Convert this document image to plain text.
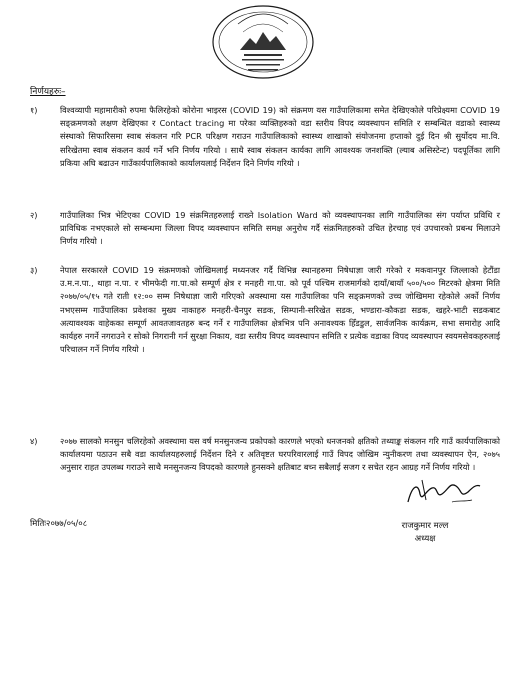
निर्णयहरुः–

१)	विश्वव्यापी महामारीको रुपमा फैलिरहेको कोरोना भाइरस (COVID 19) को संक्रमण यस गाउँपालिकामा समेत देखिएकोले परिप्रेक्ष्यमा COVID 19 सङ्क्रमणको लक्षण देखिएका र Contact tracing मा परेका व्यक्तिहरुको वडा स्तरीय विपद व्यवस्थापन समिति र सम्बन्धित वडाको स्वास्थ्य संस्थाको सिफारिसमा स्वाब संकलन गरि PCR परिक्षण गराउन गाउँपालिकाको स्वास्थ्य शाखाको संयोजनमा हप्ताको दुई दिन श्री सुर्योदय मा.वि. सरिखेतमा स्वाब संकलन कार्य गर्ने भनि निर्णय गरियो । साथै स्वाब संकलन कार्यका लागि आवश्यक जनशक्ति (ल्याब असिस्टेन्ट) पदपूर्तिका लागि प्रकिया अघि बढाउन गाउँकार्यपालिकाको कार्यालयलाई निर्देशन दिने निर्णय गरियो ।
२)	गाउँपालिका भित्र भेटिएका COVID 19 संक्रमितहरुलाई राख्ने Isolation Ward को व्यवस्थापनका लागि गाउँपालिका संग पर्याप्त प्रविधि र प्राविधिक नभएकाले सो सम्बन्धमा जिल्ला विपद व्यवस्थापन समिति समक्ष अनुरोध गर्दै संक्रमितहरुको उचित हेरचाह एवं उपचारको प्रबन्ध मिलाउने निर्णय गरियो ।
३)	नेपाल सरकारले COVID 19 संक्रमणको जोखिमलाई मध्यनजर गर्दै विभिन्न स्थानहरुमा निषेधाज्ञा जारी गरेको र मकवानपुर जिल्लाको हेटौंडा उ.म.न.पा., थाहा न.पा. र भीमफेदी गा.पा.को सम्पूर्ण क्षेत्र र मनहरी गा.पा. को पूर्व पश्चिम राजमार्गको दायाँ/बायाँ ५००/५०० मिटरको क्षेत्रमा मिति २०७७/०५/१५ गते राती १२:०० सम्म निषेधाज्ञा जारी गरिएको अवस्थामा यस गाउँपालिका पनि सङ्क्रमणको उच्च जोखिममा रहेकोले अर्को निर्णय नभएसम्म गाउँपालिका प्रवेशका मुख्य नाकाहरु मनहरी-चैनपुर सडक, सिम्पानी-सरिखेत सडक, भण्डारा-कौकडा सडक, खहरे-भाटी सडकबाट अत्यावश्यक वाहेकका सम्पूर्ण आवतजावतहरु बन्द गर्ने र गाउँपालिका क्षेत्रभित्र पनि अनावश्यक हिँडडुल, सार्वजनिक कार्यक्रम, सभा समारोह आदि कार्यहरु नगर्ने नगराउने र सोको निगरानी गर्न सुरक्षा निकाय, वडा स्तरीय विपद व्यवस्थापन समिति र प्रत्येक वडाका विपद व्यवस्थापन स्वयमसेवकहरुलाई परिचालन गर्ने निर्णय गरियो ।
४)	२०७७ सालको मनसुन चलिरहेको अवस्थामा यस वर्ष मनसुनजन्य प्रकोपको कारणले भएको धनजनको क्षतिको तथ्याङ्क संकलन गरि गाउँ कार्यपालिकाको कार्यालयमा पठाउन सबै वडा कार्यालयहरुलाई निर्देशन दिने र अतिवृष्टत घरपरिवारलाई गाउँ विपद जोखिम न्युनीकरण तथा व्यवस्थापन ऐन, २०७५ अनुसार राहत उपलब्ध गराउने साथै मनसुनजन्य विपदको कारणले हुनसक्ने क्षतिबाट बच्न सबैलाई सजग र सचेत रहन आग्रह गर्ने निर्णय गरियो ।
मितिः२०७७/०५/०८	राजकुमार मल्ल
अध्यक्ष
